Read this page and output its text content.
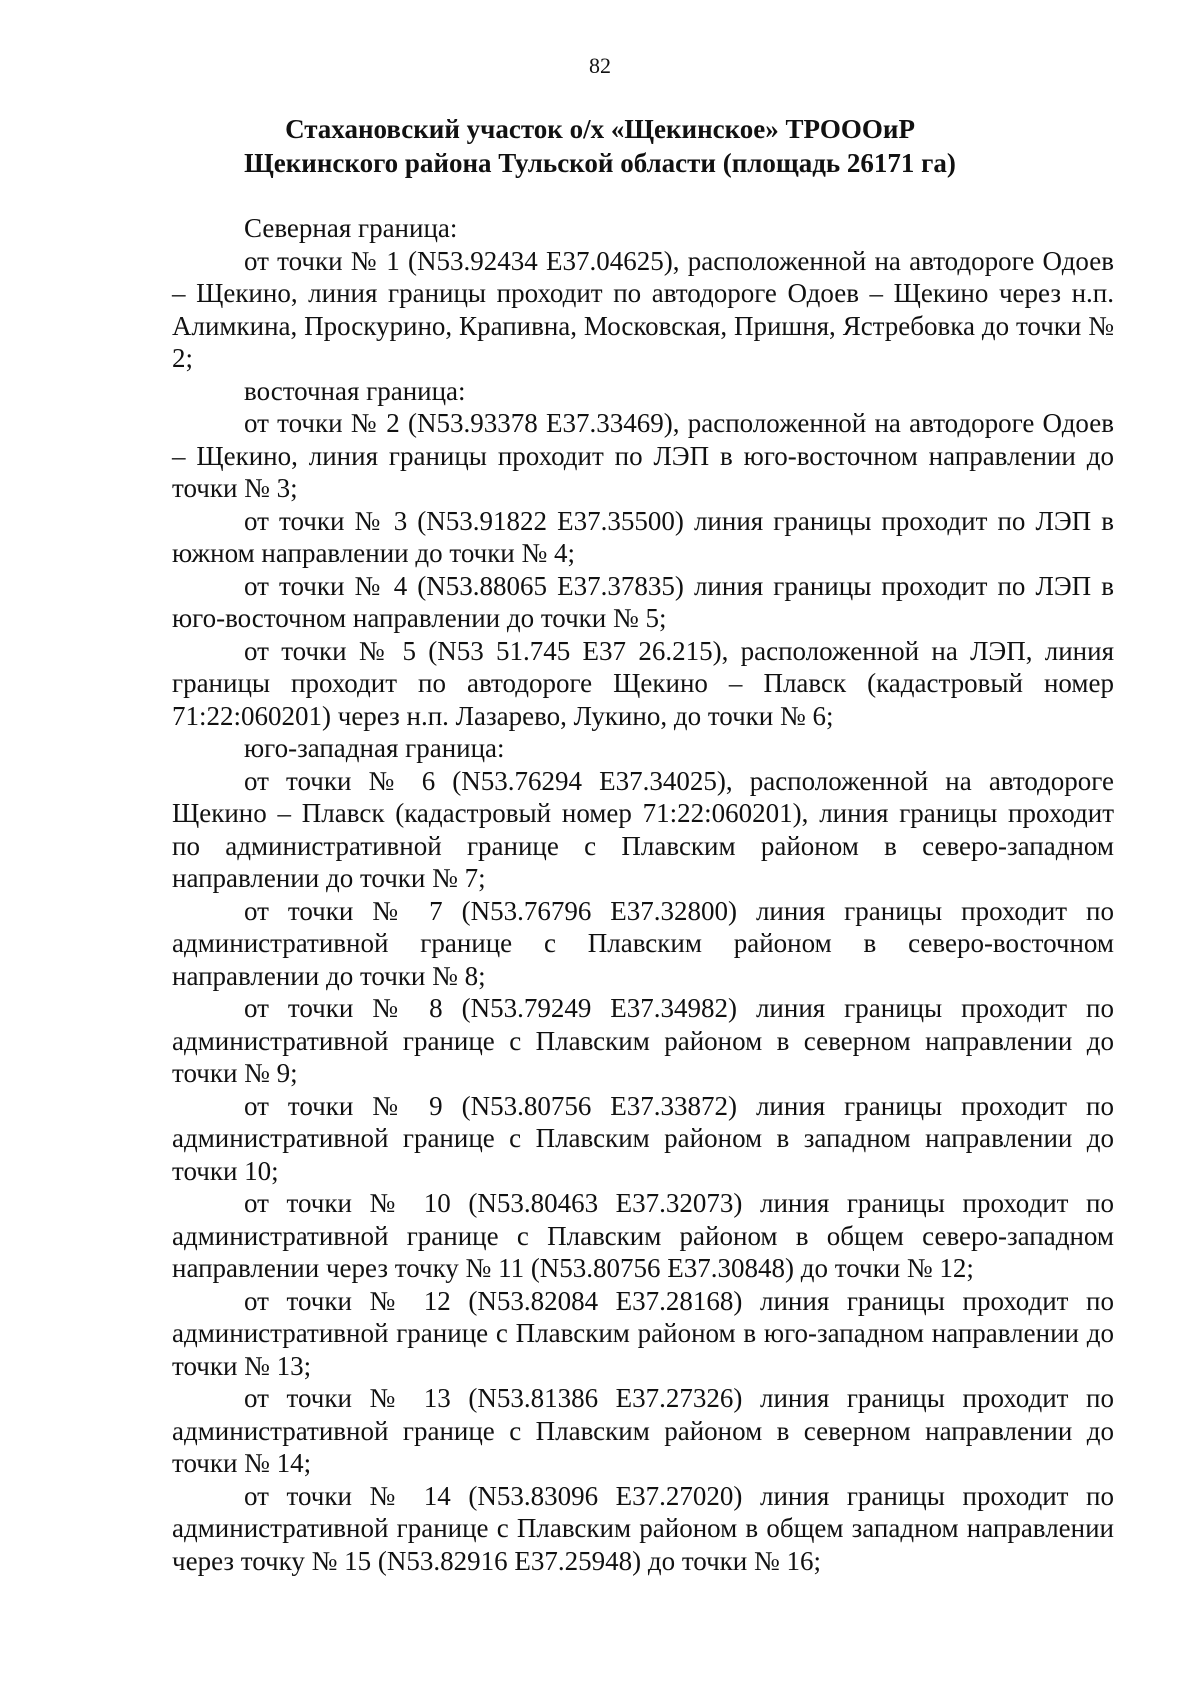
82
Стахановский участок о/х «Щекинское» ТРОООиР
Щекинского района Тульской области (площадь 26171 га)

Северная граница:

от точки № 1 (N53.92434 E37.04625), расположенной на автодороге Одоев – Щекино, линия границы проходит по автодороге Одоев – Щекино через н.п. Алимкина, Проскурино, Крапивна, Московская, Пришня, Ястребовка до точки № 2;

восточная граница:

от точки № 2 (N53.93378 E37.33469), расположенной на автодороге Одоев – Щекино, линия границы проходит по ЛЭП в юго-восточном направлении до точки № 3;

от точки № 3 (N53.91822 E37.35500) линия границы проходит по ЛЭП в южном направлении до точки № 4;

от точки № 4 (N53.88065 E37.37835) линия границы проходит по ЛЭП в юго-восточном направлении до точки № 5;

от точки № 5 (N53 51.745 E37 26.215), расположенной на ЛЭП, линия границы проходит по автодороге Щекино – Плавск (кадастровый номер 71:22:060201) через н.п. Лазарево, Лукино, до точки № 6;

юго-западная граница:

от точки № 6 (N53.76294 E37.34025), расположенной на автодороге Щекино – Плавск (кадастровый номер 71:22:060201), линия границы проходит по административной границе с Плавским районом в северо-западном направлении до точки № 7;

от точки № 7 (N53.76796 E37.32800) линия границы проходит по административной границе с Плавским районом в северо-восточном направлении до точки № 8;

от точки № 8 (N53.79249 E37.34982) линия границы проходит по административной границе с Плавским районом в северном направлении до точки № 9;

от точки № 9 (N53.80756 E37.33872) линия границы проходит по административной границе с Плавским районом в западном направлении до точки 10;

от точки № 10 (N53.80463 E37.32073) линия границы проходит по административной границе с Плавским районом в общем северо-западном направлении через точку № 11 (N53.80756 E37.30848) до точки № 12;

от точки № 12 (N53.82084 E37.28168) линия границы проходит по административной границе с Плавским районом в юго-западном направлении до точки № 13;

от точки № 13 (N53.81386 E37.27326) линия границы проходит по административной границе с Плавским районом в северном направлении до точки № 14;

от точки № 14 (N53.83096 E37.27020) линия границы проходит по административной границе с Плавским районом в общем западном направлении через точку № 15 (N53.82916 E37.25948) до точки № 16;
